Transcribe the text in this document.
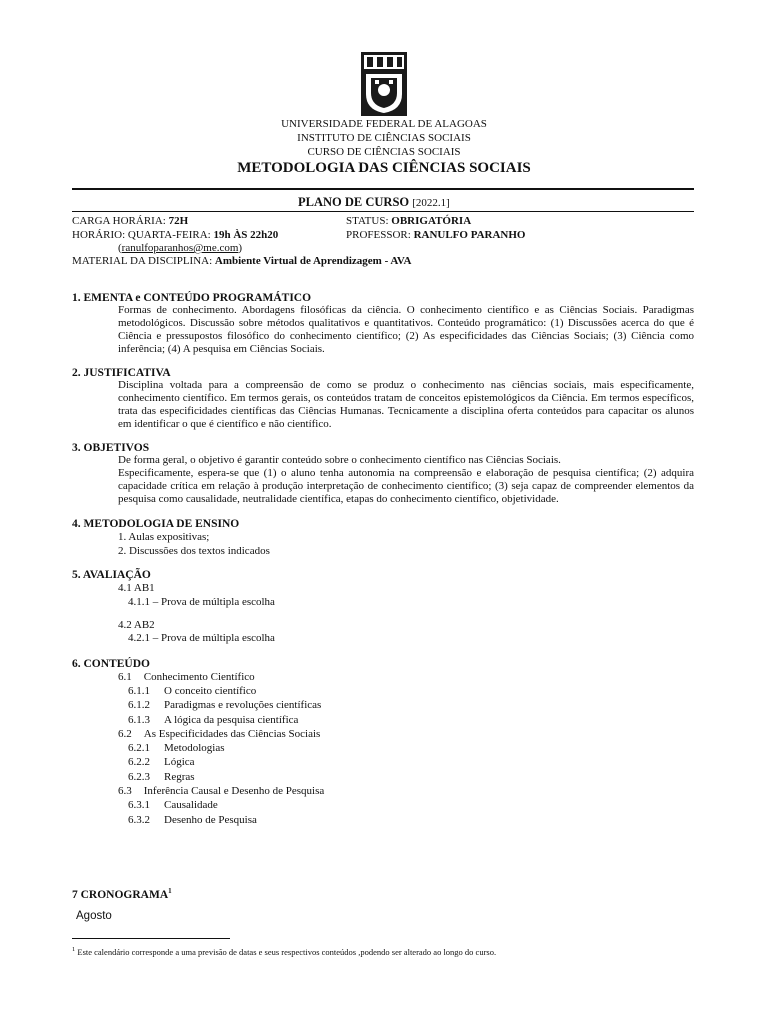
UNIVERSIDADE FEDERAL DE ALAGOAS
INSTITUTO DE CIÊNCIAS SOCIAIS
CURSO DE CIÊNCIAS SOCIAIS
METODOLOGIA DAS CIÊNCIAS SOCIAIS
PLANO DE CURSO [2022.1]
CARGA HORÁRIA: 72H	STATUS: OBRIGATÓRIA
HORÁRIO: QUARTA-FEIRA: 19h ÀS 22h20	PROFESSOR: RANULFO PARANHO
(ranulfoparanhos@me.com)
MATERIAL DA DISCIPLINA: Ambiente Virtual de Aprendizagem - AVA
1. EMENTA e CONTEÚDO PROGRAMÁTICO
Formas de conhecimento. Abordagens filosóficas da ciência. O conhecimento científico e as Ciências Sociais. Paradigmas metodológicos. Discussão sobre métodos qualitativos e quantitativos. Conteúdo programático: (1) Discussões acerca do que é Ciência e pressupostos filosófico do conhecimento científico; (2) As especificidades das Ciências Sociais; (3) Ciência como inferência; (4) A pesquisa em Ciências Sociais.
2. JUSTIFICATIVA
Disciplina voltada para a compreensão de como se produz o conhecimento nas ciências sociais, mais especificamente, conhecimento científico. Em termos gerais, os conteúdos tratam de conceitos epistemológicos da Ciência. Em termos específicos, trata das especificidades científicas das Ciências Humanas. Tecnicamente a disciplina oferta conteúdos para capacitar os alunos em identificar o que é científico e não científico.
3. OBJETIVOS
De forma geral, o objetivo é garantir conteúdo sobre o conhecimento científico nas Ciências Sociais.
Especificamente, espera-se que (1) o aluno tenha autonomia na compreensão e elaboração de pesquisa científica; (2) adquira capacidade crítica em relação à produção interpretação de conhecimento científico; (3) seja capaz de compreender elementos da pesquisa como causalidade, neutralidade científica, etapas do conhecimento científico, objetividade.
4. METODOLOGIA DE ENSINO
1. Aulas expositivas;
2. Discussões dos textos indicados
5. AVALIAÇÃO
4.1 AB1
4.1.1 – Prova de múltipla escolha
4.2 AB2
4.2.1 – Prova de múltipla escolha
6. CONTEÚDO
6.1 Conhecimento Científico
6.1.1 O conceito científico
6.1.2 Paradigmas e revoluções científicas
6.1.3 A lógica da pesquisa científica
6.2 As Especificidades das Ciências Sociais
6.2.1 Metodologias
6.2.2 Lógica
6.2.3 Regras
6.3 Inferência Causal e Desenho de Pesquisa
6.3.1 Causalidade
6.3.2 Desenho de Pesquisa
7 CRONOGRAMA$^1$
Agosto
$^1$ Este calendário corresponde a uma previsão de datas e seus respectivos conteúdos ,podendo ser alterado ao longo do curso.
